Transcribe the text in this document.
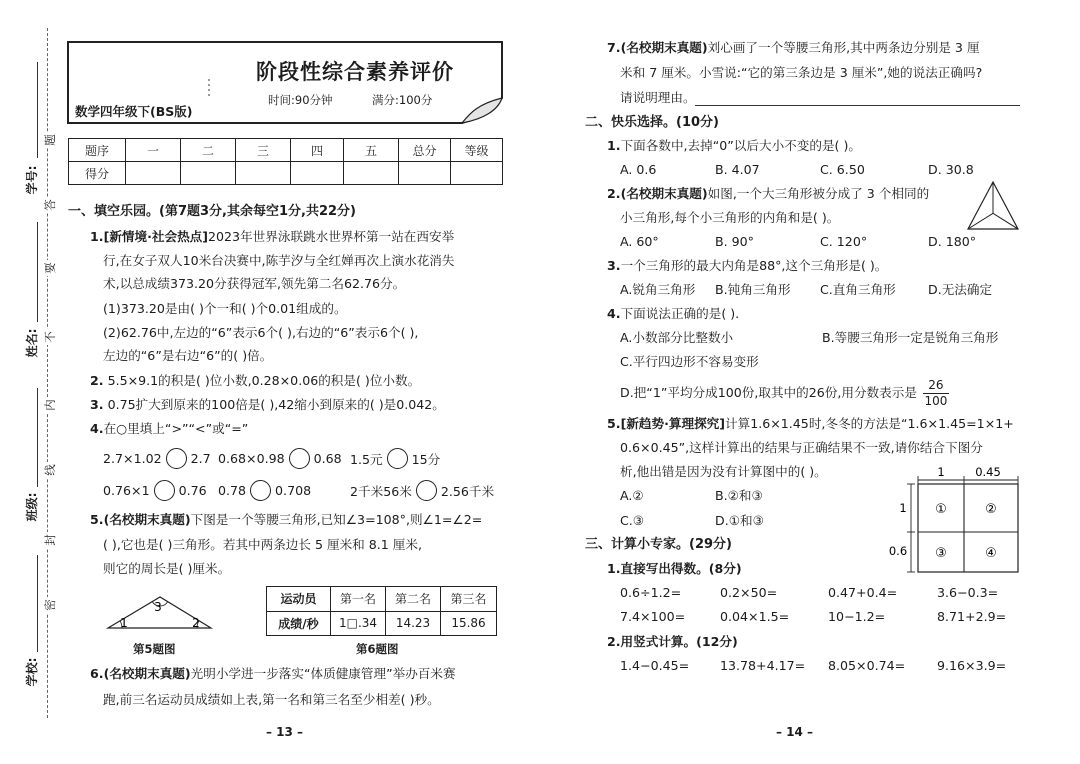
题
答
要
不
内
线
封
密
学号:
姓名:
班级:
学校:
3
1	2
1	0.45
1
0.6
①	②
③	④
阶段性综合素养评价
时间:90分钟	满分:100分
数学四年级下(BS版)
题序	一	二	三	四	五	总分	等级
得分							
一、填空乐园。(第7题3分,其余每空1分,共22分)
1.[新情境·社会热点]2023年世界泳联跳水世界杯第一站在西安举
行,在女子双人10米台决赛中,陈芋汐与全红婵再次上演水花消失
术,以总成绩373.20分获得冠军,领先第二名62.76分。
(1)373.20是由( )个一和( )个0.01组成的。
(2)62.76中,左边的“6”表示6个( ),右边的“6”表示6个( ),
左边的“6”是右边“6”的( )倍。
2. 5.5×9.1的积是( )位小数,0.28×0.06的积是( )位小数。
3. 0.75扩大到原来的100倍是( ),42缩小到原来的( )是0.042。
4.在○里填上“>”“<”或“=”
2.7×1.02 2.7 0.68×0.98 0.68 1.5元 15分
0.76×1 0.76 0.78 0.708	2千米56米 2.56千米
5.(名校期末真题)下图是一个等腰三角形,已知∠3=108°,则∠1=∠2=
( ),它也是( )三角形。若其中两条边长 5 厘米和 8.1 厘米,
则它的周长是( )厘米。
运动员	第一名	第二名	第三名
成绩/秒	1□.34	14.23	15.86
第5题图	第6题图
6.(名校期末真题)光明小学进一步落实“体质健康管理”举办百米赛
跑,前三名运动员成绩如上表,第一名和第三名至少相差( )秒。
– 13 –
7.(名校期末真题)刘心画了一个等腰三角形,其中两条边分别是 3 厘
米和 7 厘米。小雪说:“它的第三条边是 3 厘米”,她的说法正确吗?
请说明理由。
二、快乐选择。(10分)
1.下面各数中,去掉“0”以后大小不变的是( )。
A. 0.6	B. 4.07	C. 6.50	D. 30.8
2.(名校期末真题)如图,一个大三角形被分成了 3 个相同的
小三角形,每个小三角形的内角和是( )。
A. 60°	B. 90°	C. 120°	D. 180°
3.一个三角形的最大内角是88°,这个三角形是( )。
A.锐角三角形 B.钝角三角形 C.直角三角形	D.无法确定
4.下面说法正确的是( ).
A.小数部分比整数小	B.等腰三角形一定是锐角三角形
C.平行四边形不容易变形
D.把“1”平均分成100份,取其中的26份,用分数表示是 $\frac{26}{100}$
5.[新趋势·算理探究]计算1.6×1.45时,冬冬的方法是“1.6×1.45=1×1+
0.6×0.45”,这样计算出的结果与正确结果不一致,请你结合下图分
析,他出错是因为没有计算图中的( )。
A.②	B.②和③
C.③	D.①和③
三、计算小专家。(29分)
1.直接写出得数。(8分)
0.6÷1.2=	0.2×50=	0.47+0.4=	3.6−0.3=
7.4×100=	0.04×1.5=	10−1.2=	8.71+2.9=
2.用竖式计算。(12分)
1.4−0.45= 13.78+4.17= 8.05×0.74=	9.16×3.9=
– 14 –
